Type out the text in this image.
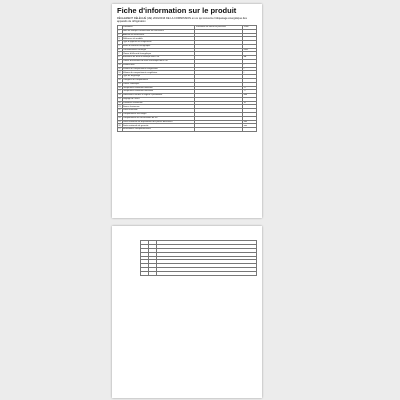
Fiche d'information sur le produit
RÈGLEMENT DÉLÉGUÉ (UE) 2019/2016 DE LA COMMISSION en ce qui concerne l'étiquetage énergétique des appareils de réfrigération
	Paramètre	Paramètre de valeur et précision	Unité
1	Nom ou marque commerciale du fournisseur		
2	Adresse du fournisseur		
3	Référence du modèle		
4	Type d'appareil de réfrigération		
5	Indice d'efficacité énergétique		
6	Consommation d'énergie		kWh
7	Classe d'efficacité énergétique		
8	Émissions de bruit acoustique dans l'air		dB
9	Classe d'émissions de bruit acoustique dans l'air		
10	Volume total		l
11	Volume du compartiment réfrigérateur		l
12	Volume du compartiment congélateur		l
13	Type de dégivrage		
14	Catégorie du compartiment		
15	Classe climatique		
16	Température ambiante minimale		°C
17	Température ambiante maximale		°C
18	Dimensions hauteur x largeur x profondeur		mm
19	Réglage de l'hiver		
20	Puissance lumineuse		W
21	Source lumineuse		
22	Porte réversible		
23	Compartiment zéro degré		
24	Compartiment de conservation du vin		
25	Durée minimale de disponibilité des pièces détachées		ans
26	Durée minimale de garantie		ans
27	Informations complémentaires		
